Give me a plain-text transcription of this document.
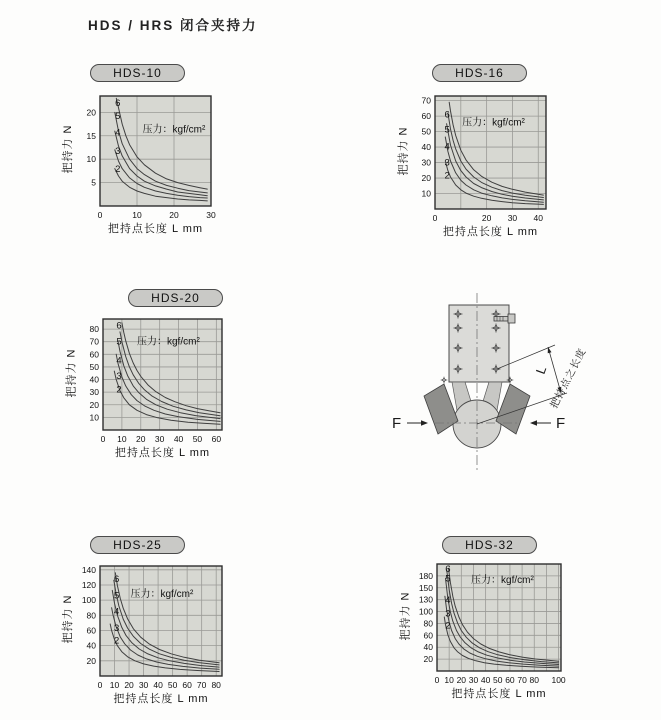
HDS / HRS 闭合夹持力
HDS-10
把持力 N
6
5
4
3
2
压力：kgf/cm²
0	10	20	30
5
10
15
20
把持点长度 L mm
HDS-16
把持力 N
6
5
4
3
2
压力：kgf/cm²
0	20 30 40
10
20
30
40
50
60
70
把持点长度 L mm
HDS-20
把持力 N
6
5
4
3
2
压力：kgf/cm²
0 10 20 30 40 50 60
10
20
30
40
50
60
70
80
把持点长度 L mm
HDS-25
把持力 N
6
5
4
3
2
压力：kgf/cm²
0 10 20 30 40 50 60 70 80
20
40
60
80
100
120
140
把持点长度 L mm
HDS-32
把持力 N
6
5
4
3
2
压力：kgf/cm²
0 10 20 30 40 50 60 70 80 100
20
40
60
80
100
130
150
180
把持点长度 L mm
F	F
L 把持点之长度
